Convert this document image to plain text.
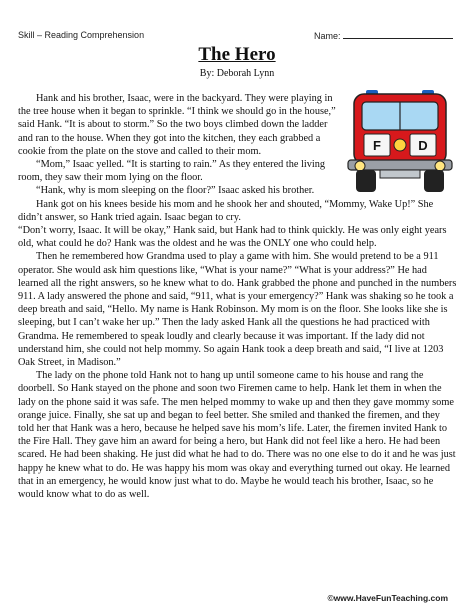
Skill – Reading Comprehension	Name:
The Hero
By: Deborah Lynn
F	D

Hank and his brother, Isaac, were in the backyard. They were playing in the tree house when it began to sprinkle. “I think we should go in the house,” said Hank. “It is about to storm.” So the two boys climbed down the ladder and ran to the house. When they got into the kitchen, they each grabbed a cookie from the plate on the stove and called to their mom.

“Mom,” Isaac yelled. “It is starting to rain.” As they entered the living room, they saw their mom lying on the floor.

“Hank, why is mom sleeping on the floor?” Isaac asked his brother.

Hank got on his knees beside his mom and he shook her and shouted, “Mommy, Wake Up!” She didn’t answer, so Hank tried again. Isaac began to cry.

“Don’t worry, Isaac. It will be okay,” Hank said, but Hank had to think quickly. He was only eight years old, what could he do? Hank was the oldest and he was the ONLY one who could help.

Then he remembered how Grandma used to play a game with him. She would pretend to be a 911 operator. She would ask him questions like, “What is your name?” “What is your address?” He had learned all the right answers, so he knew what to do. Hank grabbed the phone and punched in the numbers 911. A lady answered the phone and said, “911, what is your emergency?” Hank was shaking so he took a deep breath and said, “Hello. My name is Hank Robinson. My mom is on the floor. She looks like she is sleeping, but I can’t wake her up.” Then the lady asked Hank all the questions he had practiced with Grandma. He remembered to speak loudly and clearly because it was important. If the lady did not understand him, she could not help mommy. So again Hank took a deep breath and said, “I live at 1203 Oak Street, in Madison.”

The lady on the phone told Hank not to hang up until someone came to his house and rang the doorbell. So Hank stayed on the phone and soon two Firemen came to help. Hank let them in when the lady on the phone said it was safe. The men helped mommy to wake up and then they gave mommy some orange juice. Finally, she sat up and began to feel better. She smiled and thanked the firemen, and they told her that Hank was a hero, because he helped save his mom’s life. Later, the firemen invited Hank to the Fire Hall. They gave him an award for being a hero, but Hank did not feel like a hero. He had been scared. He had been shaking. He just did what he had to do. There was no one else to do it and he was just happy he knew what to do. He was happy his mom was okay and everything turned out okay. He learned that in an emergency, he would know just what to do. Maybe he would teach his brother, Isaac, so he would know what to do as well.

©www.HaveFunTeaching.com
